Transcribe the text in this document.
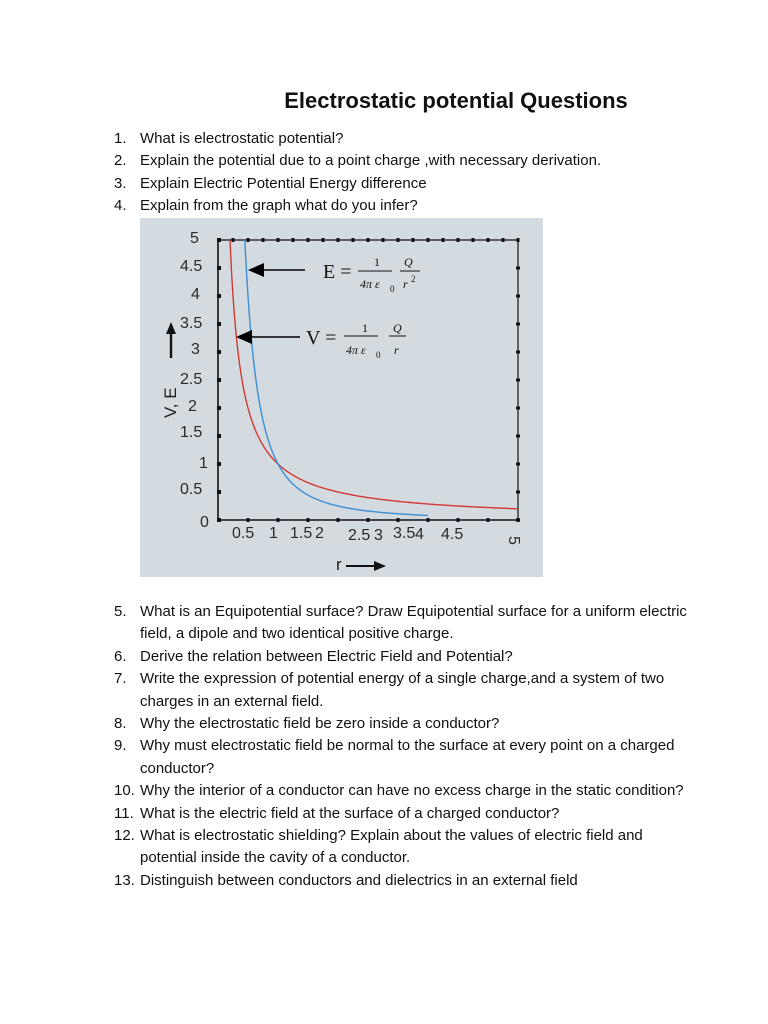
Electrostatic potential Questions
1. What is electrostatic potential?
2. Explain the potential due to a point charge ,with necessary derivation.
3. Explain Electric Potential Energy difference
4. Explain from the graph what do you infer?
5
4.5
4
3.5
3
2.5
2
1.5
1
0.5
0
0.5 1 1.5 2 2.5 3 3.5 4 4.5	5
V, E
r
E = 1
4π ε 0
Q
r 2
V = 1
4π ε 0
Q
r
5. What is an Equipotential surface? Draw Equipotential surface for a uniform electric field, a dipole and two identical positive charge.
6. Derive the relation between Electric Field and Potential?
7. Write the expression of potential energy of a single charge,and a system of two charges in an external field.
8. Why the electrostatic field be zero inside a conductor?
9. Why must electrostatic field be normal to the surface at every point on a charged conductor?
10. Why the interior of a conductor can have no excess charge in the static condition?
11. What is the electric field at the surface of a charged conductor?
12. What is electrostatic shielding? Explain about the values of electric field and potential inside the cavity of a conductor.
13. Distinguish between conductors and dielectrics in an external field
